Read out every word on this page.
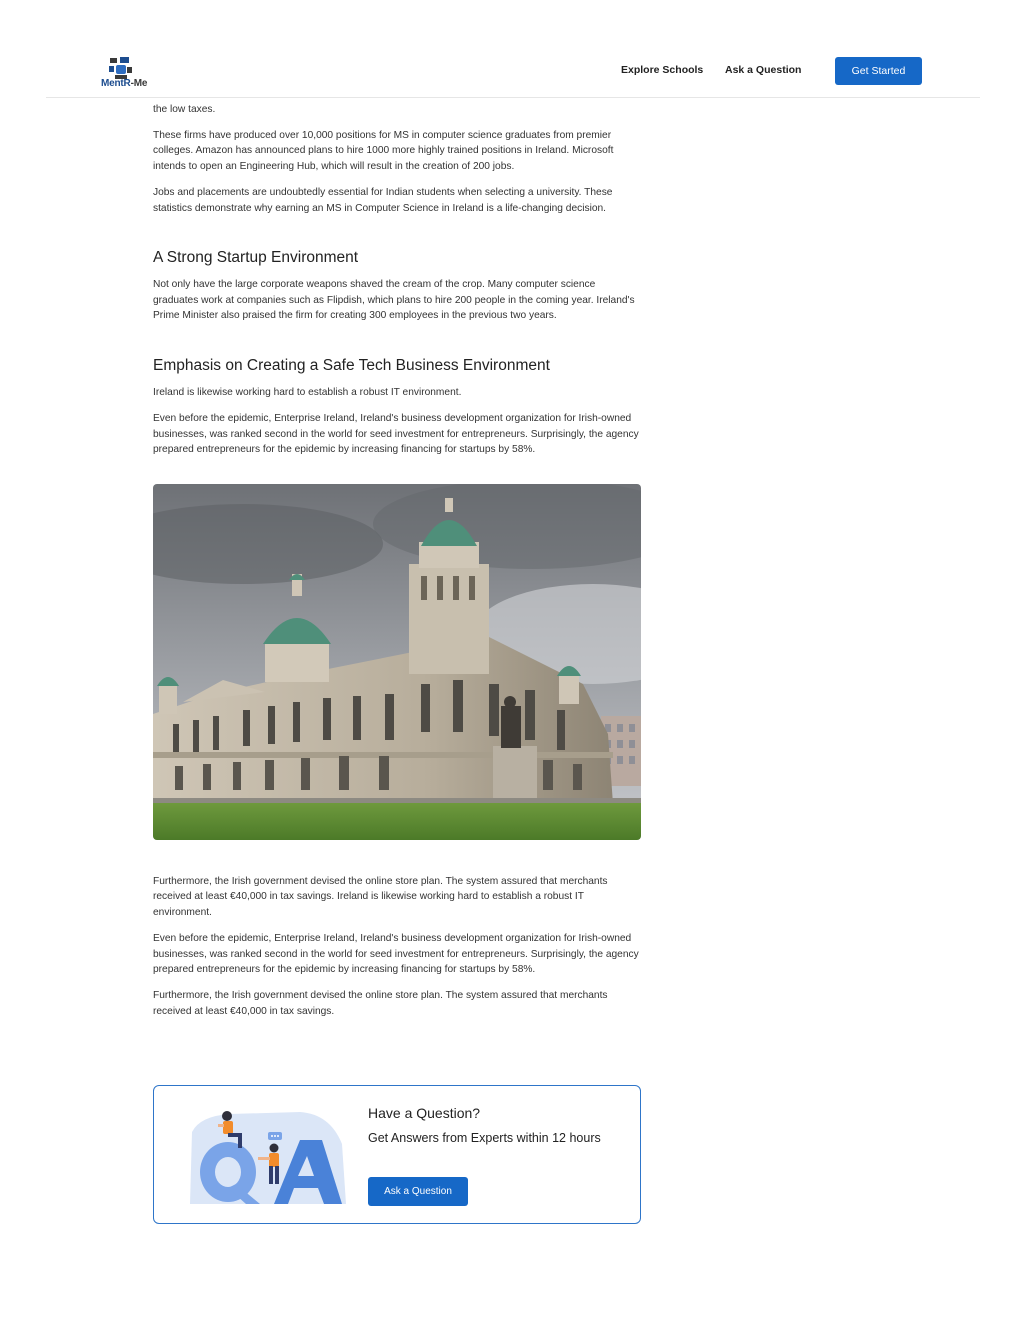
the low taxes.

These firms have produced over 10,000 positions for MS in computer science graduates from premier colleges. Amazon has announced plans to hire 1000 more highly trained positions in Ireland. Microsoft intends to open an Engineering Hub, which will result in the creation of 200 jobs.

Jobs and placements are undoubtedly essential for Indian students when selecting a university. These statistics demonstrate why earning an MS in Computer Science in Ireland is a life-changing decision.

A Strong Startup Environment

Not only have the large corporate weapons shaved the cream of the crop. Many computer science graduates work at companies such as Flipdish, which plans to hire 200 people in the coming year. Ireland's Prime Minister also praised the firm for creating 300 employees in the previous two years.

Emphasis on Creating a Safe Tech Business Environment

Ireland is likewise working hard to establish a robust IT environment.

Even before the epidemic, Enterprise Ireland, Ireland's business development organization for Irish-owned businesses, was ranked second in the world for seed investment for entrepreneurs. Surprisingly, the agency prepared entrepreneurs for the epidemic by increasing financing for startups by 58%.

Furthermore, the Irish government devised the online store plan. The system assured that merchants received at least €40,000 in tax savings. Ireland is likewise working hard to establish a robust IT environment.

Even before the epidemic, Enterprise Ireland, Ireland's business development organization for Irish-owned businesses, was ranked second in the world for seed investment for entrepreneurs. Surprisingly, the agency prepared entrepreneurs for the epidemic by increasing financing for startups by 58%.

Furthermore, the Irish government devised the online store plan. The system assured that merchants received at least €40,000 in tax savings.

MentR-Me
Explore Schools Ask a Question	Get Started
Have a Question?
Get Answers from Experts within 12 hours
Ask a Question
